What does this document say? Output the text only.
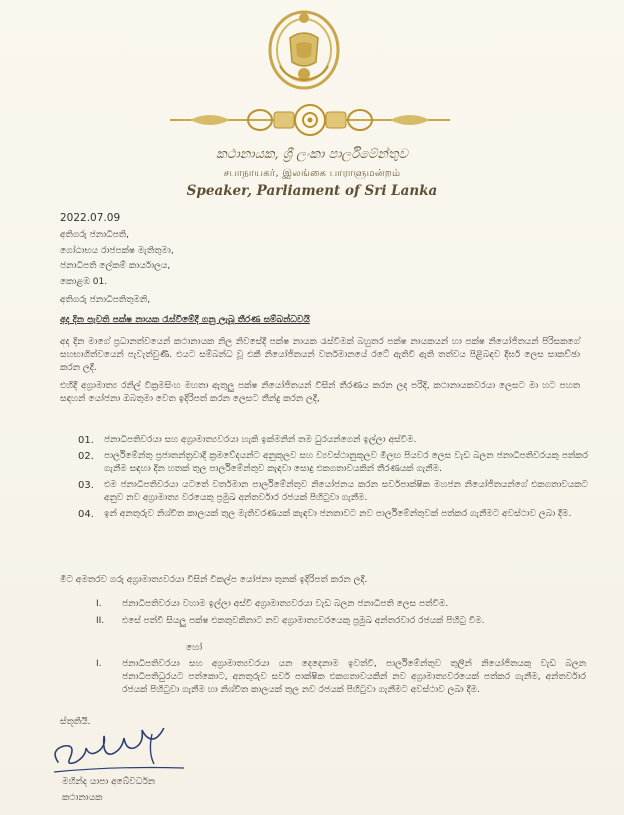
කථානායක, ශ්‍රී ලංකා පාර්ලිමේන්තුව
சபாநாயகர், இலங்கை பாராளுமன்றம்
Speaker, Parliament of Sri Lanka
2022.07.09
අතිගරු ජනාධිපති,
ගෝඨාභය රාජපක්ෂ මැතිතුමා,
ජනාධිපති ලේකම් කාර්යාලය,
කොළඹ 01.
අතිගරු ජනාධිපතිතුමනි,
අද දින පැවති පක්ෂ නායක රැස්වීමේදී ගනු ලැබූ තීරණ සම්බන්ධවයි
අද දින මාගේ ප්‍රධානත්වයෙන් කථානායක නිල නිවසේදී පක්ෂ නායක රැස්වීමක් බහුතර පක්ෂ නායකයන් හා පක්ෂ නියෝජිතයන් පිරිසකගේ සහභාගිත්වයෙන් පැවැත්වුණි. එයට සම්බන්ධ වූ එකී නියෝජිතයන් වර්තමානයේ රටේ ඇතිවී ඇති තත්වය පිළිබඳව දීර්ඝ ලෙස සාකච්ඡා කරන ලදී.
එහිදී අග්‍රාමාත්‍ය රනිල් වික්‍රමසිංහ මහතා ඇතුලු පක්ෂ නියෝජිතයන් විසින් තීරණය කරන ලද පරිදි, කථානායකවරයා ලෙසට මා හට පහත සඳහන් යෝජනා ඔබතුමා වෙත ඉදිරිපත් කරන ලෙසට තීන්දු කරන ලදී,
01.	ජනාධිපතිවරයා සහ අග්‍රාමාත්‍යවරයා හැකි ඉක්මනින් තම ධුරයන්ගෙන් ඉල්ලා අස්වීම.
02.	පාර්ලිමේන්තු ප්‍රජාතන්ත්‍රවාදී ක්‍රමවේදයන්ට අනුකූලව සහ ව්‍යවස්ථානුකූලව මීලඟ පියවර ලෙස වැඩ බලන ජනාධිපතිවරයකු පත්කර ගැනීම සඳහා දින හතක් තුල පාර්ලිමේන්තුව කැඳවා සොදු එකගතාවයකින් තීරණයක් ගැනීම.
03.	එම ජනාධිපතිවරයා යටතේ වර්තමාන පාර්ලිමේන්තුව නියෝජනය කරන සර්වපාක්ෂික මහජන නියෝජිතයන්ගේ එකගතාවයකට අනුව නව අග්‍රාමාත්‍ය වරයෙකු ප්‍රමුඛ අන්තර්වාර රජයක් පිහිටුවා ගැනීම.
04.	ඉන් අනතුරුව නිශ්චිත කාලයක් තුල මැතිවරණයක් කැඳවා ජනතාවට නව පාර්ලිමේන්තුවක් පත්කර ගැනීමට අවස්ථාව ලබා දීම.
මීට අමතරව ගරු අග්‍රාමාත්‍යවරයා විසින් විකල්ප යෝජනා තුනක් ඉදිරිපත් කරන ලදී.
I.	ජනාධිපතිවරයා වහාම ඉල්ලා අස්වී අග්‍රාමාත්‍යවරයා වැඩ බලන ජනාධිපති ලෙස පත්වීම.
II.	එසේ පත්වී සියලු පක්ෂ එකතුවකිනාට නව අග්‍රාමාත්‍යවරයෙකු ප්‍රමුඛ අන්තරවාර රජයක් පිහිටු වීම.
හෝ
I.	ජනාධිපතිවරයා සහ අග්‍රාමාත්‍යවරයා යන දෙදෙනාම ඉවත්වී, පාර්ලිමේන්තුව තුලින් නියෝජිතයකු වැඩ බලන ජනාධිපතිධුරයට පත්කොට, අනතුරුව සර්ව පාක්ෂික එකගතාවයකින් නව අග්‍රාමාත්‍යවරයෙක් පත්කර ගැනීම, අන්තර්වාර රජයක් පිහිටුවා ගැනීම හා නිශ්චිත කාලයක් තුල නව රජයක් පිහිටුවා ගැනීමට අවස්ථාව ලබා දීම.
ස්තූතියි.
මහින්ද යාපා අබේවර්ධන
කථානායක
